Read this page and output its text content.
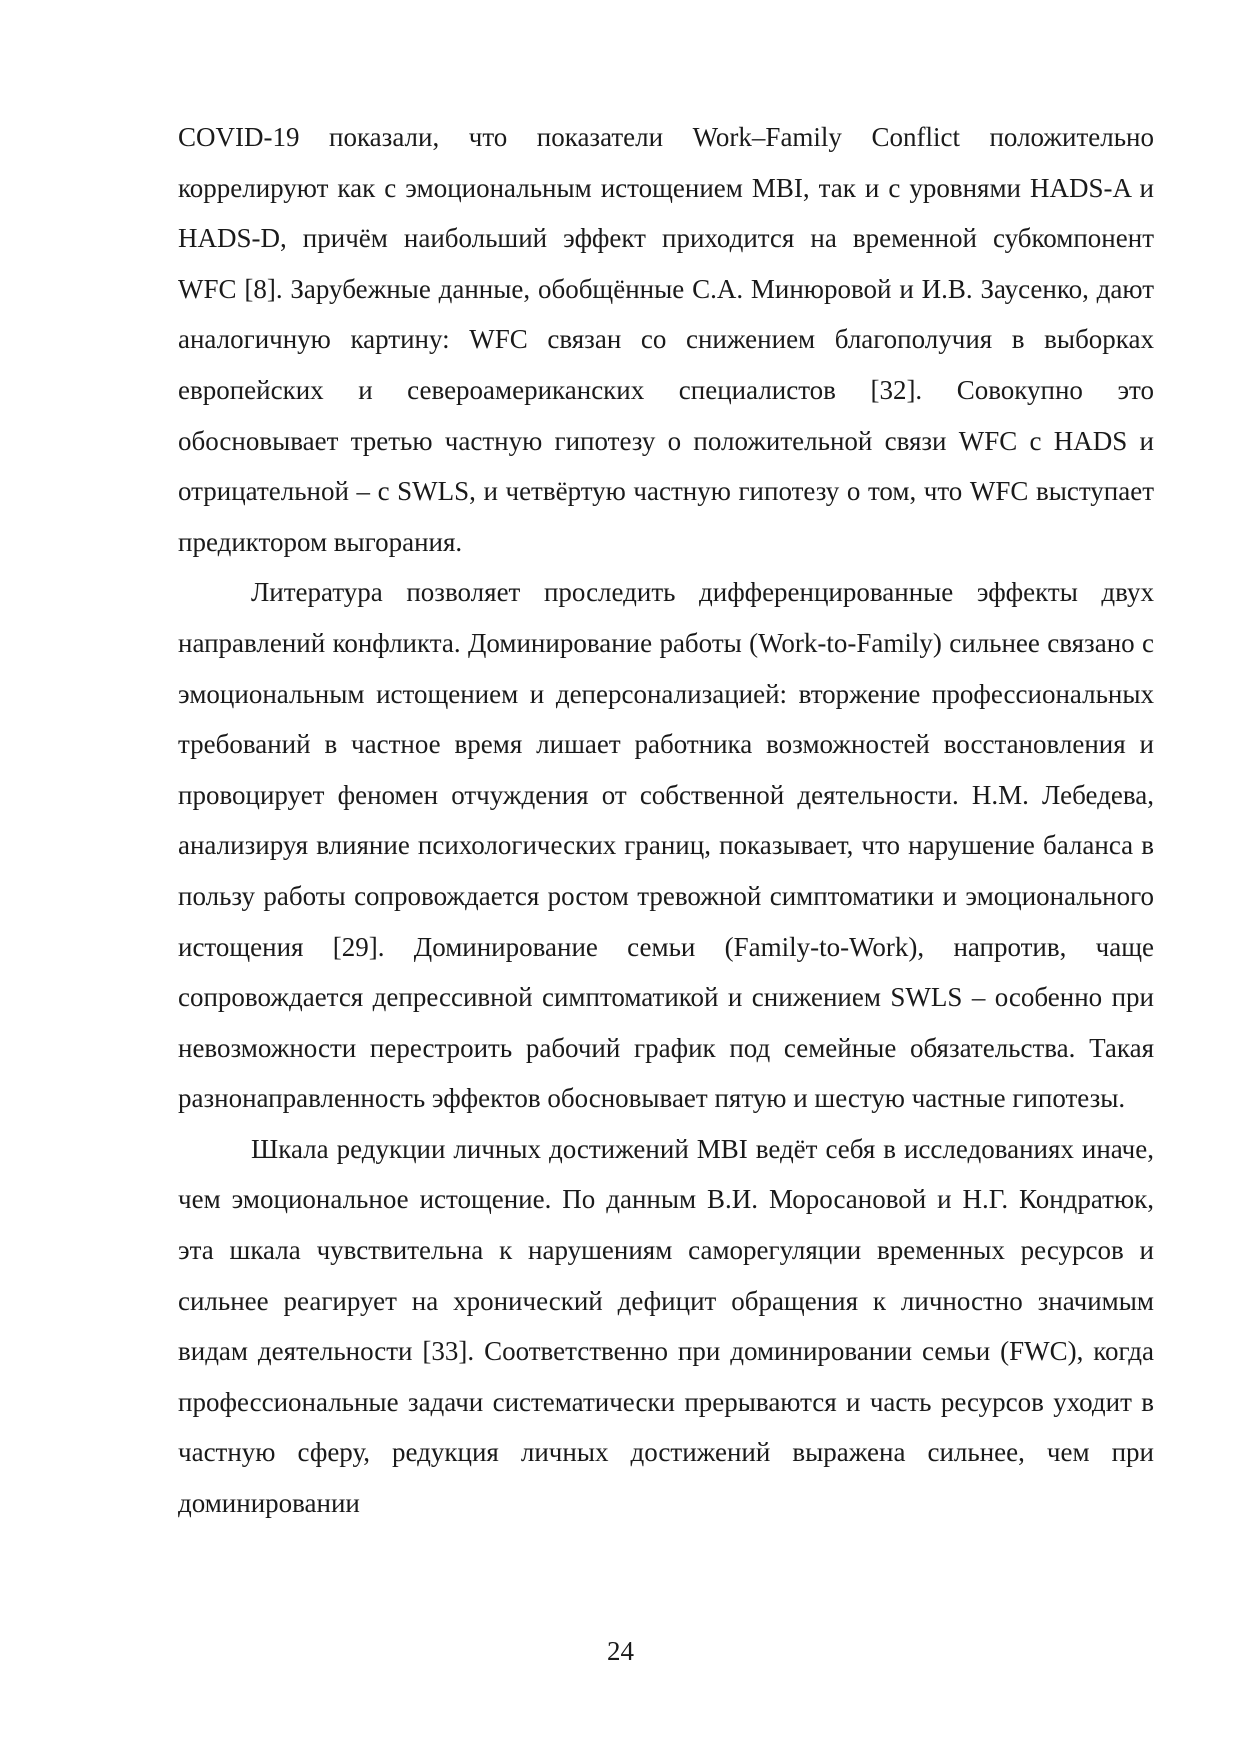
COVID-19 показали, что показатели Work–Family Conflict положительно коррелируют как с эмоциональным истощением MBI, так и с уровнями HADS-A и HADS-D, причём наибольший эффект приходится на временной субкомпонент WFC [8]. Зарубежные данные, обобщённые С.А. Минюровой и И.В. Заусенко, дают аналогичную картину: WFC связан со снижением благополучия в выборках европейских и североамериканских специалистов [32]. Совокупно это обосновывает третью частную гипотезу о положительной связи WFC с HADS и отрицательной – с SWLS, и четвёртую частную гипотезу о том, что WFC выступает предиктором выгорания.

Литература позволяет проследить дифференцированные эффекты двух направлений конфликта. Доминирование работы (Work-to-Family) сильнее связано с эмоциональным истощением и деперсонализацией: вторжение профессиональных требований в частное время лишает работника возможностей восстановления и провоцирует феномен отчуждения от собственной деятельности. Н.М. Лебедева, анализируя влияние психологических границ, показывает, что нарушение баланса в пользу работы сопровождается ростом тревожной симптоматики и эмоционального истощения [29]. Доминирование семьи (Family-to-Work), напротив, чаще сопровождается депрессивной симптоматикой и снижением SWLS – особенно при невозможности перестроить рабочий график под семейные обязательства. Такая разнонаправленность эффектов обосновывает пятую и шестую частные гипотезы.

Шкала редукции личных достижений MBI ведёт себя в исследованиях иначе, чем эмоциональное истощение. По данным В.И. Моросановой и Н.Г. Кондратюк, эта шкала чувствительна к нарушениям саморегуляции временных ресурсов и сильнее реагирует на хронический дефицит обращения к личностно значимым видам деятельности [33]. Соответственно при доминировании семьи (FWC), когда профессиональные задачи систематически прерываются и часть ресурсов уходит в частную сферу, редукция личных достижений выражена сильнее, чем при доминировании

24
